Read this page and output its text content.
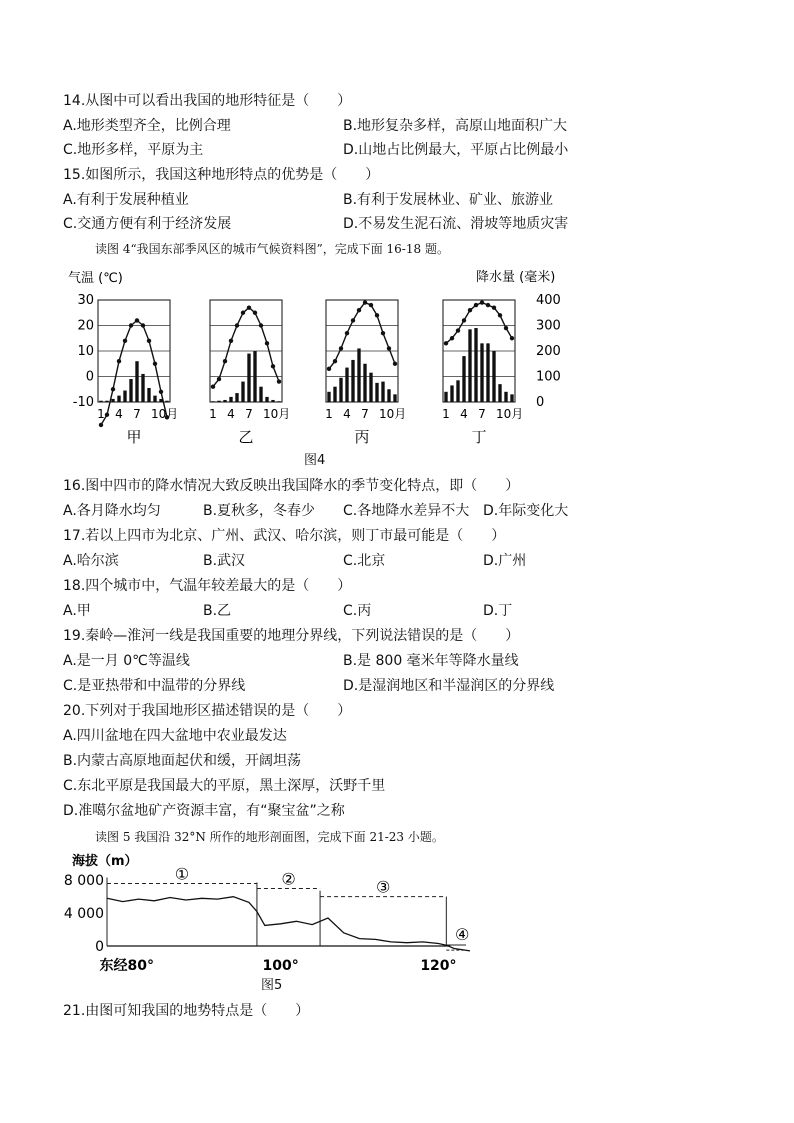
14.从图中可以看出我国的地形特征是（　　）
A.地形类型齐全，比例合理	B.地形复杂多样，高原山地面积广大
C.地形多样，平原为主	D.山地占比例最大，平原占比例最小
15.如图所示，我国这种地形特点的优势是（　　）
A.有利于发展种植业	B.有利于发展林业、矿业、旅游业
C.交通方便有利于经济发展	D.不易发生泥石流、滑坡等地质灾害
读图 4“我国东部季风区的城市气候资料图”，完成下面 16-18 题。
气温 (℃)	降水量 (毫米)
30
20
10
0
-10
400
300
200
100
0
1 4 7 10月
甲
1 4 7 10月
乙
1 4 7 10月
丙
1 4 7 10月
丁
图4
16.图中四市的降水情况大致反映出我国降水的季节变化特点，即（　　）
A.各月降水均匀	B.夏秋多，冬春少 C.各地降水差异不大 D.年际变化大
17.若以上四市为北京、广州、武汉、哈尔滨，则丁市最可能是（　　）
A.哈尔滨	B.武汉	C.北京	D.广州
18.四个城市中，气温年较差最大的是（　　）
A.甲	B.乙	C.丙	D.丁
19.秦岭—淮河一线是我国重要的地理分界线，下列说法错误的是（　　）
A.是一月 0℃等温线	B.是 800 毫米年等降水量线
C.是亚热带和中温带的分界线	D.是湿润地区和半湿润区的分界线
20.下列对于我国地形区描述错误的是（　　）
A.四川盆地在四大盆地中农业最发达
B.内蒙古高原地面起伏和缓，开阔坦荡
C.东北平原是我国最大的平原，黑土深厚，沃野千里
D.准噶尔盆地矿产资源丰富，有“聚宝盆”之称
读图 5 我国沿 32°N 所作的地形剖面图，完成下面 21-23 小题。
海拔（m）
8 000
4 000
0
东经80°	100°	120°
①	②	③
④
图5
21.由图可知我国的地势特点是（　　）
